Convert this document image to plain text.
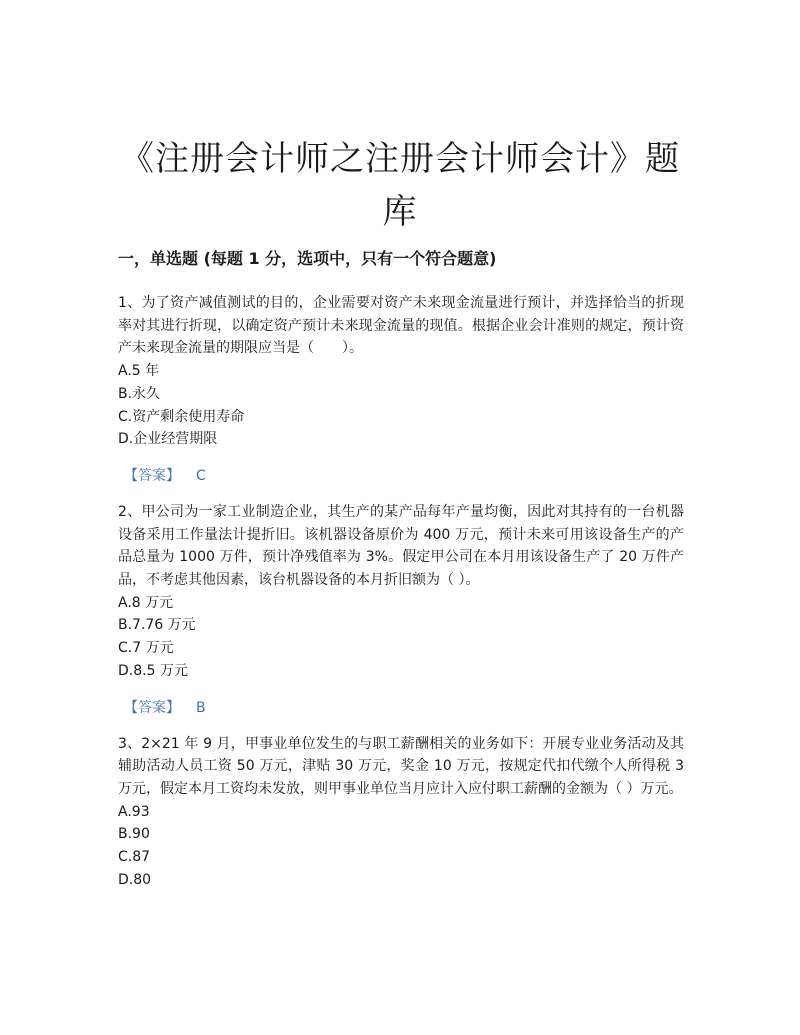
《注册会计师之注册会计师会计》题库
一，单选题 (每题 1 分，选项中，只有一个符合题意)

1、为了资产减值测试的目的，企业需要对资产未来现金流量进行预计，并选择恰当的折现率对其进行折现，以确定资产预计未来现金流量的现值。根据企业会计准则的规定，预计资产未来现金流量的期限应当是（　　）。

A.5 年

B.永久

C.资产剩余使用寿命

D.企业经营期限

【答案】 C

2、甲公司为一家工业制造企业，其生产的某产品每年产量均衡，因此对其持有的一台机器设备采用工作量法计提折旧。该机器设备原价为 400 万元，预计未来可用该设备生产的产品总量为 1000 万件，预计净残值率为 3%。假定甲公司在本月用该设备生产了 20 万件产品，不考虑其他因素，该台机器设备的本月折旧额为（ ）。

A.8 万元

B.7.76 万元

C.7 万元

D.8.5 万元

【答案】 B

3、2×21 年 9 月，甲事业单位发生的与职工薪酬相关的业务如下：开展专业业务活动及其辅助活动人员工资 50 万元，津贴 30 万元，奖金 10 万元，按规定代扣代缴个人所得税 3 万元，假定本月工资均未发放，则甲事业单位当月应计入应付职工薪酬的金额为（ ）万元。

A.93

B.90

C.87

D.80
